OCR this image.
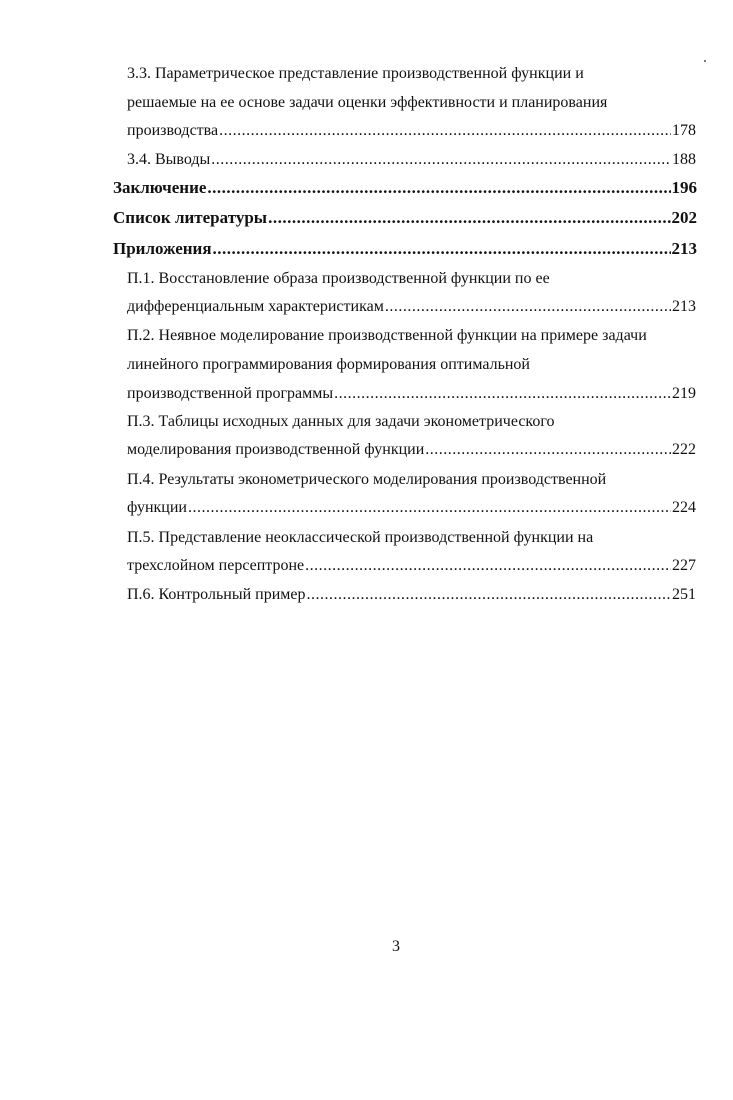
3.3. Параметрическое представление производственной функции и
решаемые на ее основе задачи оценки эффективности и планирования
производства .....	178
3.4. Выводы .....	188
Заключение .....	196
Список литературы .....	202
Приложения .....	213
П.1. Восстановление образа производственной функции по ее
дифференциальным характеристикам .....	213
П.2. Неявное моделирование производственной функции на примере задачи
линейного программирования формирования оптимальной
производственной программы .....	219
П.3. Таблицы исходных данных для задачи эконометрического
моделирования производственной функции .....	222
П.4. Результаты эконометрического моделирования производственной
функции .....	224
П.5. Представление неоклассической производственной функции на
трехслойном персептроне .....	227
П.6. Контрольный пример .....	251
3
